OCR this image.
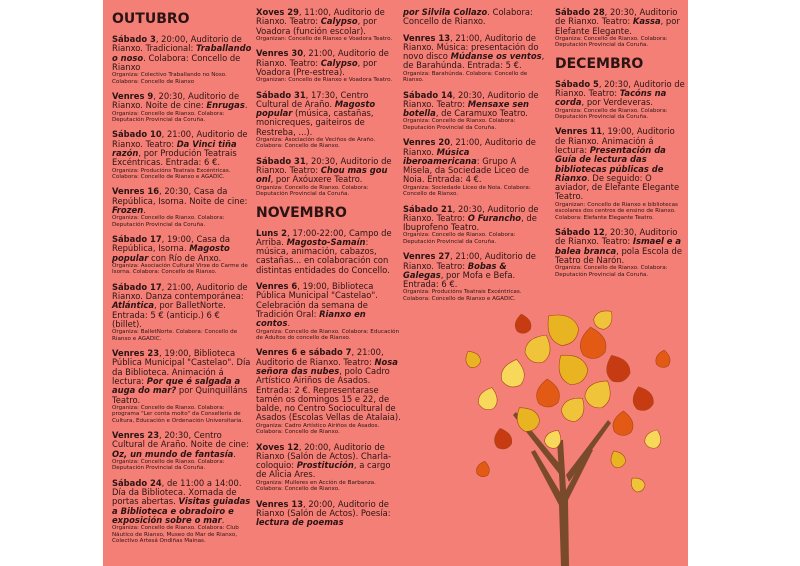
OUTUBRO
Sábado 3, 20:00, Auditorio de Rianxo. Tradicional: Traballando o noso. Colabora: Concello de Rianxo
Organiza: Colectivo Traballando no Noso. Colabora: Concello de Rianxo
Venres 9, 20:30, Auditorio de Rianxo. Noite de cine: Enrugas.
Organiza: Concello de Rianxo. Colabora: Deputación Provincial da Coruña.
Sábado 10, 21:00, Auditorio de Rianxo. Teatro: Da Vinci tiña razón, por Produción Teatrais Excéntricas. Entrada: 6 €.
Organiza: Producións Teatrais Excéntricas. Colabora: Concello de Rianxo e AGADIC.
Venres 16, 20:30, Casa da República, Isorna. Noite de cine: Frozen.
Organiza: Concello de Rianxo. Colabora: Deputación Provincial da Coruña.
Sábado 17, 19:00, Casa da República, Isorna. Magosto popular con Río de Anxo.
Organiza: Asociación Cultural Virxe do Carme de Isorna. Colabora: Concello de Rianxo.
Sábado 17, 21:00, Auditorio de Rianxo. Danza contemporánea: Atlántica, por BalletNorte. Entrada: 5 € (anticip.) 6 € (billet).
Organiza: BalletNorte. Colabora: Concello de Rianxo e AGADIC.
Venres 23, 19:00, Biblioteca Pública Municipal "Castelao". Día da Biblioteca. Animación á lectura: Por que é salgada a auga do mar? por Quinquilláns Teatro.
Organiza: Concello de Rianxo. Colabora: programa "Ler conta moito" da Consellería de Cultura, Educación e Ordenación Universitaria.
Venres 23, 20:30, Centro Cultural de Araño. Noite de cine: Oz, un mundo de fantasía.
Organiza: Concello de Rianxo. Colabora: Deputación Provincial da Coruña.
Sábado 24, de 11:00 a 14:00. Día da Biblioteca. Xornada de portas abertas. Visitas guiadas a Biblioteca e obradoiro e exposición sobre o mar.
Organiza: Concello de Rianxo. Colabora: Club Náutico de Rianxo, Museo do Mar de Rianxo, Colectivo Artesá Ondiñas Mainas.
Xoves 29, 11:00, Auditorio de Rianxo. Teatro: Calypso, por Voadora (función escolar).
Organizan: Concello de Rianxo e Voadora Teatro.
Venres 30, 21:00, Auditorio de Rianxo. Teatro: Calypso, por Voadora (Pre-estrea).
Organizan: Concello de Rianxo e Voadora Teatro.
Sábado 31, 17:30, Centro Cultural de Araño. Magosto popular (música, castañas, monicreques, gaiteiros de Restreba, ...).
Organiza: Asociación de Veciños de Araño. Colabora: Concello de Rianxo.
Sábado 31, 20:30, Auditorio de Rianxo. Teatro: Chou mas gou onl, por Axóuxere Teatro.
Organiza: Concello de Rianxo. Colabora: Deputación Provincial da Coruña.
NOVEMBRO
Luns 2, 17:00-22:00, Campo de Arriba. Magosto-Samaín: música, animación, cabazos, castañas... en colaboración con distintas entidades do Concello.
Venres 6, 19:00, Biblioteca Pública Municipal "Castelao". Celebración da semana de Tradición Oral: Rianxo en contos.
Organiza: Concello de Rianxo. Colabora: Educación de Adultos do concello de Rianxo.
Venres 6 e sábado 7, 21:00, Auditorio de Rianxo. Teatro: Nosa señora das nubes, polo Cadro Artístico Airiños de Asados. Entrada: 2 €. Representarase tamén os domingos 15 e 22, de balde, no Centro Sociocultural de Asados (Escolas Vellas de Atalaia).
Organiza: Cadro Artístico Airiños de Asados. Colabora: Concello de Rianxo.
Xoves 12, 20:00, Auditorio de Rianxo (Salón de Actos). Charla-coloquio: Prostitución, a cargo de Alicia Ares.
Organiza: Mulleres en Acción de Barbanza. Colabora: Concello de Rianxo.
Venres 13, 20:00, Auditorio de Rianxo (Salón de Actos). Poesía: lectura de poemas
por Silvila Collazo. Colabora: Concello de Rianxo.
Venres 13, 21:00, Auditorio de Rianxo. Música: presentación do novo disco Múdanse os ventos, de Barahúnda. Entrada: 5 €.
Organiza: Barahúnda. Colabora: Concello de Rianxo.
Sábado 14, 20:30, Auditorio de Rianxo. Teatro: Mensaxe sen botella, de Caramuxo Teatro.
Organiza: Concello de Rianxo. Colabora: Deputación Provincial da Coruña.
Venres 20, 21:00, Auditorio de Rianxo. Música iberoamericana: Grupo A Misela, da Sociedade Liceo de Noia. Entrada: 4 €.
Organiza: Sociedade Liceo de Noia. Colabora: Concello de Rianxo.
Sábado 21, 20:30, Auditorio de Rianxo. Teatro: O Furancho, de Ibuprofeno Teatro.
Organiza: Concello de Rianxo. Colabora: Deputación Provincial da Coruña.
Venres 27, 21:00, Auditorio de Rianxo. Teatro: Bobas & Galegas, por Mofa e Befa. Entrada: 6 €.
Organiza: Producións Teatrais Excéntricas. Colabora: Concello de Rianxo e AGADIC.
Sábado 28, 20:30, Auditorio de Rianxo. Teatro: Kassa, por Elefante Elegante.
Organiza: Concello de Rianxo. Colabora: Deputación Provincial da Coruña.
DECEMBRO
Sábado 5, 20:30, Auditorio de Rianxo. Teatro: Tacóns na corda, por Verdeveras.
Organiza: Concello de Rianxo. Colabora: Deputación Provincial da Coruña.
Venres 11, 19:00, Auditorio de Rianxo. Animación á lectura: Presentación da Guía de lectura das bibliotecas públicas de Rianxo. De seguido: O aviador, de Elefante Elegante Teatro.
Organizan: Concello de Rianxo e bibliotecas escolares dos centros de ensino de Rianxo. Colabora: Elefante Elegante Teatro.
Sábado 12, 20:30, Auditorio de Rianxo. Teatro: Ismael e a balea branca, pola Escola de Teatro de Narón.
Organiza: Concello de Rianxo. Colabora: Deputación Provincial da Coruña.
